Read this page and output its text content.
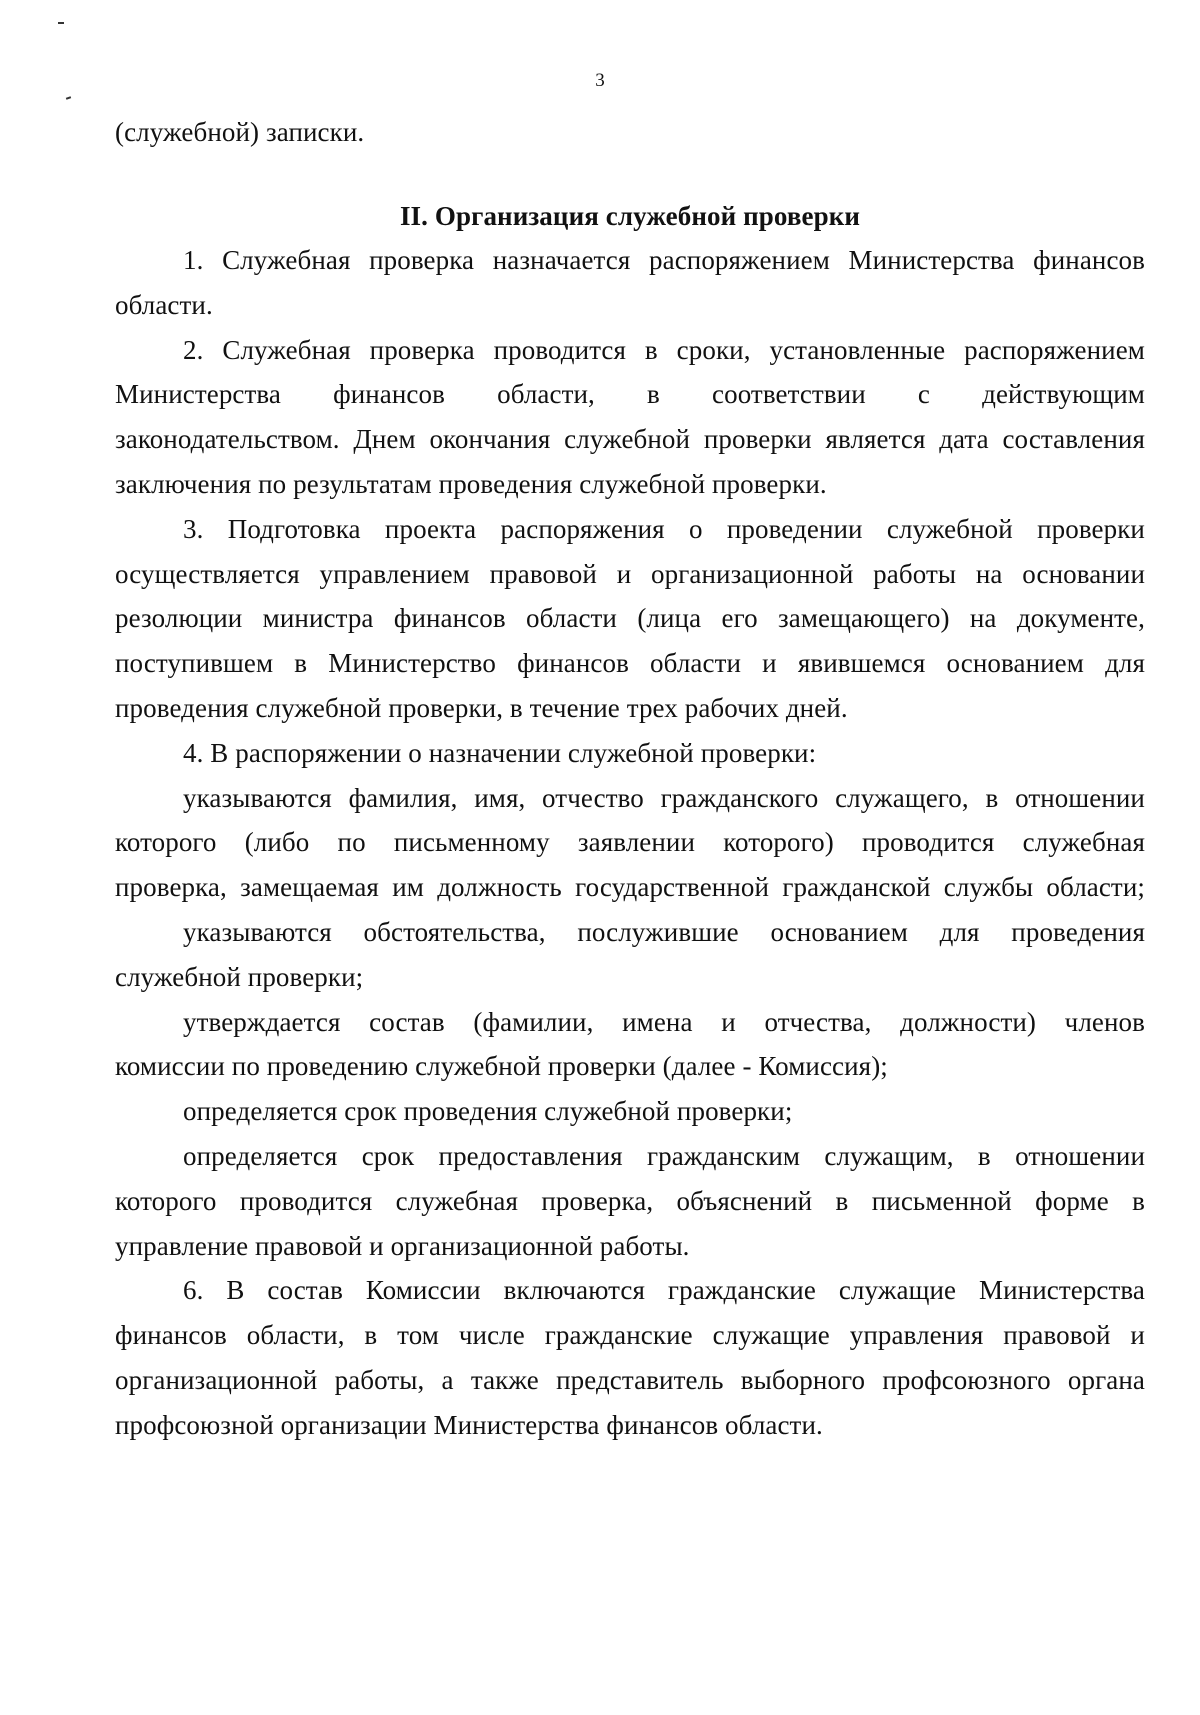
3
(служебной) записки.
II. Организация служебной проверки
1. Служебная проверка назначается распоряжением Министерства финансов
области.
2. Служебная проверка проводится в сроки, установленные распоряжением
Министерства финансов области, в соответствии с действующим
законодательством. Днем окончания служебной проверки является дата составления
заключения по результатам проведения служебной проверки.
3. Подготовка проекта распоряжения о проведении служебной проверки
осуществляется управлением правовой и организационной работы на основании
резолюции министра финансов области (лица его замещающего) на документе,
поступившем в Министерство финансов области и явившемся основанием для
проведения служебной проверки, в течение трех рабочих дней.
4. В распоряжении о назначении служебной проверки:
указываются фамилия, имя, отчество гражданского служащего, в отношении
которого (либо по письменному заявлении которого) проводится служебная
проверка, замещаемая им должность государственной гражданской службы области;
указываются обстоятельства, послужившие основанием для проведения
служебной проверки;
утверждается состав (фамилии, имена и отчества, должности) членов
комиссии по проведению служебной проверки (далее - Комиссия);
определяется срок проведения служебной проверки;
определяется срок предоставления гражданским служащим, в отношении
которого проводится служебная проверка, объяснений в письменной форме в
управление правовой и организационной работы.
6. В состав Комиссии включаются гражданские служащие Министерства
финансов области, в том числе гражданские служащие управления правовой и
организационной работы, а также представитель выборного профсоюзного органа
профсоюзной организации Министерства финансов области.
